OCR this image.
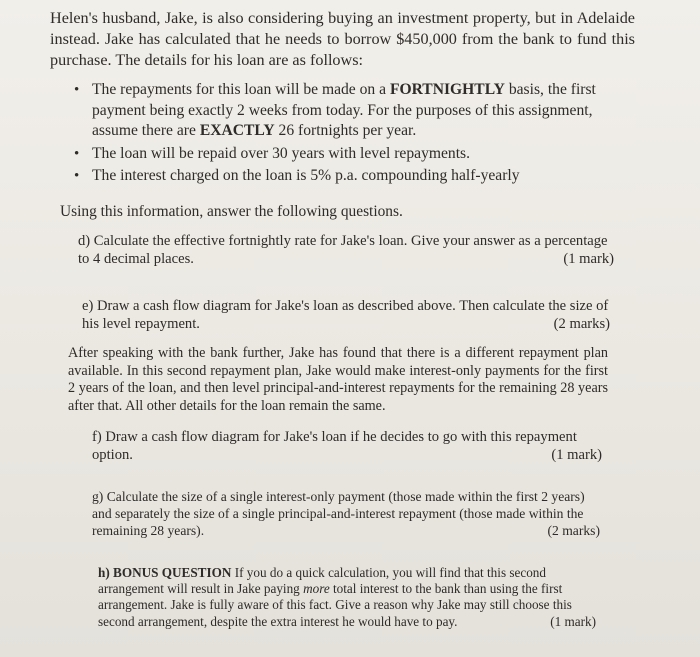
Helen's husband, Jake, is also considering buying an investment property, but in Adelaide instead. Jake has calculated that he needs to borrow $450,000 from the bank to fund this purchase. The details for his loan are as follows:

• The repayments for this loan will be made on a FORTNIGHTLY basis, the first payment being exactly 2 weeks from today. For the purposes of this assignment, assume there are EXACTLY 26 fortnights per year.
• The loan will be repaid over 30 years with level repayments.
• The interest charged on the loan is 5% p.a. compounding half-yearly
Using this information, answer the following questions.
d) Calculate the effective fortnightly rate for Jake's loan. Give your answer as a percentage to 4 decimal places.	(1 mark)
e) Draw a cash flow diagram for Jake's loan as described above. Then calculate the size of his level repayment.	(2 marks)

After speaking with the bank further, Jake has found that there is a different repayment plan available. In this second repayment plan, Jake would make interest-only payments for the first 2 years of the loan, and then level principal-and-interest repayments for the remaining 28 years after that. All other details for the loan remain the same.

f) Draw a cash flow diagram for Jake's loan if he decides to go with this repayment option.	(1 mark)
g) Calculate the size of a single interest-only payment (those made within the first 2 years) and separately the size of a single principal-and-interest repayment (those made within the remaining 28 years).	(2 marks)
h) BONUS QUESTION If you do a quick calculation, you will find that this second arrangement will result in Jake paying more total interest to the bank than using the first arrangement. Jake is fully aware of this fact. Give a reason why Jake may still choose this second arrangement, despite the extra interest he would have to pay.	(1 mark)
